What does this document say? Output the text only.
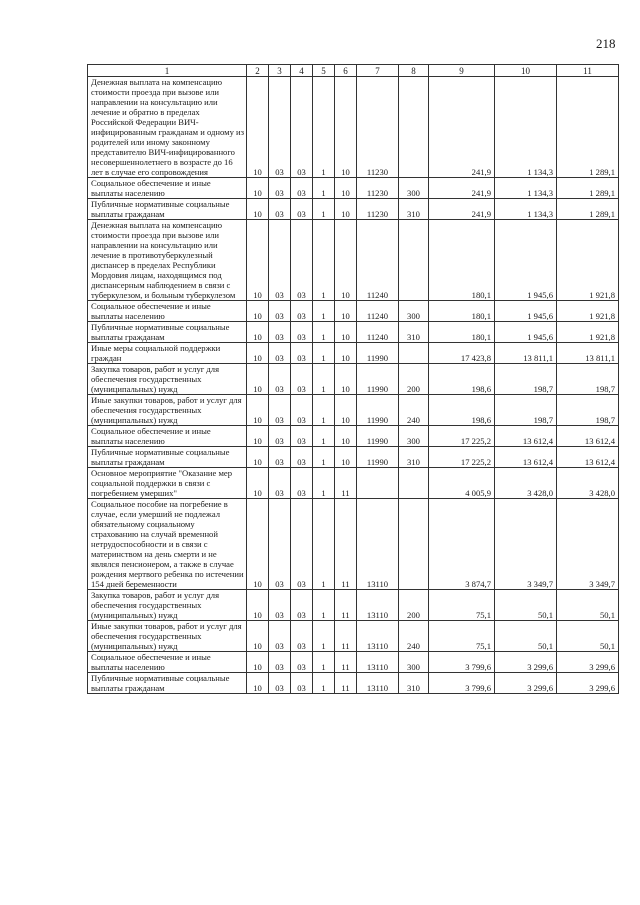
218
1	2	3	4	5	6	7	8	9	10	11
Денежная выплата на компенсацию стоимости проезда при вызове или направлении на консультацию или лечение и обратно в пределах Российской Федерации ВИЧ-инфицированным гражданам и одному из родителей или иному законному представителю ВИЧ-инфицированного несовершеннолетнего в возрасте до 16 лет в случае его сопровождения	10	03	03	1	10	11230		241,9	1 134,3	1 289,1
Социальное обеспечение и иные выплаты населению	10	03	03	1	10	11230	300	241,9	1 134,3	1 289,1
Публичные нормативные социальные выплаты гражданам	10	03	03	1	10	11230	310	241,9	1 134,3	1 289,1
Денежная выплата на компенсацию стоимости проезда при вызове или направлении на консультацию или лечение в противотуберкулезный диспансер в пределах Республики Мордовия лицам, находящимся под диспансерным наблюдением в связи с туберкулезом, и больным туберкулезом	10	03	03	1	10	11240		180,1	1 945,6	1 921,8
Социальное обеспечение и иные выплаты населению	10	03	03	1	10	11240	300	180,1	1 945,6	1 921,8
Публичные нормативные социальные выплаты гражданам	10	03	03	1	10	11240	310	180,1	1 945,6	1 921,8
Иные меры социальной поддержки граждан	10	03	03	1	10	11990		17 423,8	13 811,1	13 811,1
Закупка товаров, работ и услуг для обеспечения государственных (муниципальных) нужд	10	03	03	1	10	11990	200	198,6	198,7	198,7
Иные закупки товаров, работ и услуг для обеспечения государственных (муниципальных) нужд	10	03	03	1	10	11990	240	198,6	198,7	198,7
Социальное обеспечение и иные выплаты населению	10	03	03	1	10	11990	300	17 225,2	13 612,4	13 612,4
Публичные нормативные социальные выплаты гражданам	10	03	03	1	10	11990	310	17 225,2	13 612,4	13 612,4
Основное мероприятие "Оказание мер социальной поддержки в связи с погребением умерших"	10	03	03	1	11			4 005,9	3 428,0	3 428,0
Социальное пособие на погребение в случае, если умерший не подлежал обязательному социальному страхованию на случай временной нетрудоспособности и в связи с материнством на день смерти и не являлся пенсионером, а также в случае рождения мертвого ребенка по истечении 154 дней беременности	10	03	03	1	11	13110		3 874,7	3 349,7	3 349,7
Закупка товаров, работ и услуг для обеспечения государственных (муниципальных) нужд	10	03	03	1	11	13110	200	75,1	50,1	50,1
Иные закупки товаров, работ и услуг для обеспечения государственных (муниципальных) нужд	10	03	03	1	11	13110	240	75,1	50,1	50,1
Социальное обеспечение и иные выплаты населению	10	03	03	1	11	13110	300	3 799,6	3 299,6	3 299,6
Публичные нормативные социальные выплаты гражданам	10	03	03	1	11	13110	310	3 799,6	3 299,6	3 299,6
